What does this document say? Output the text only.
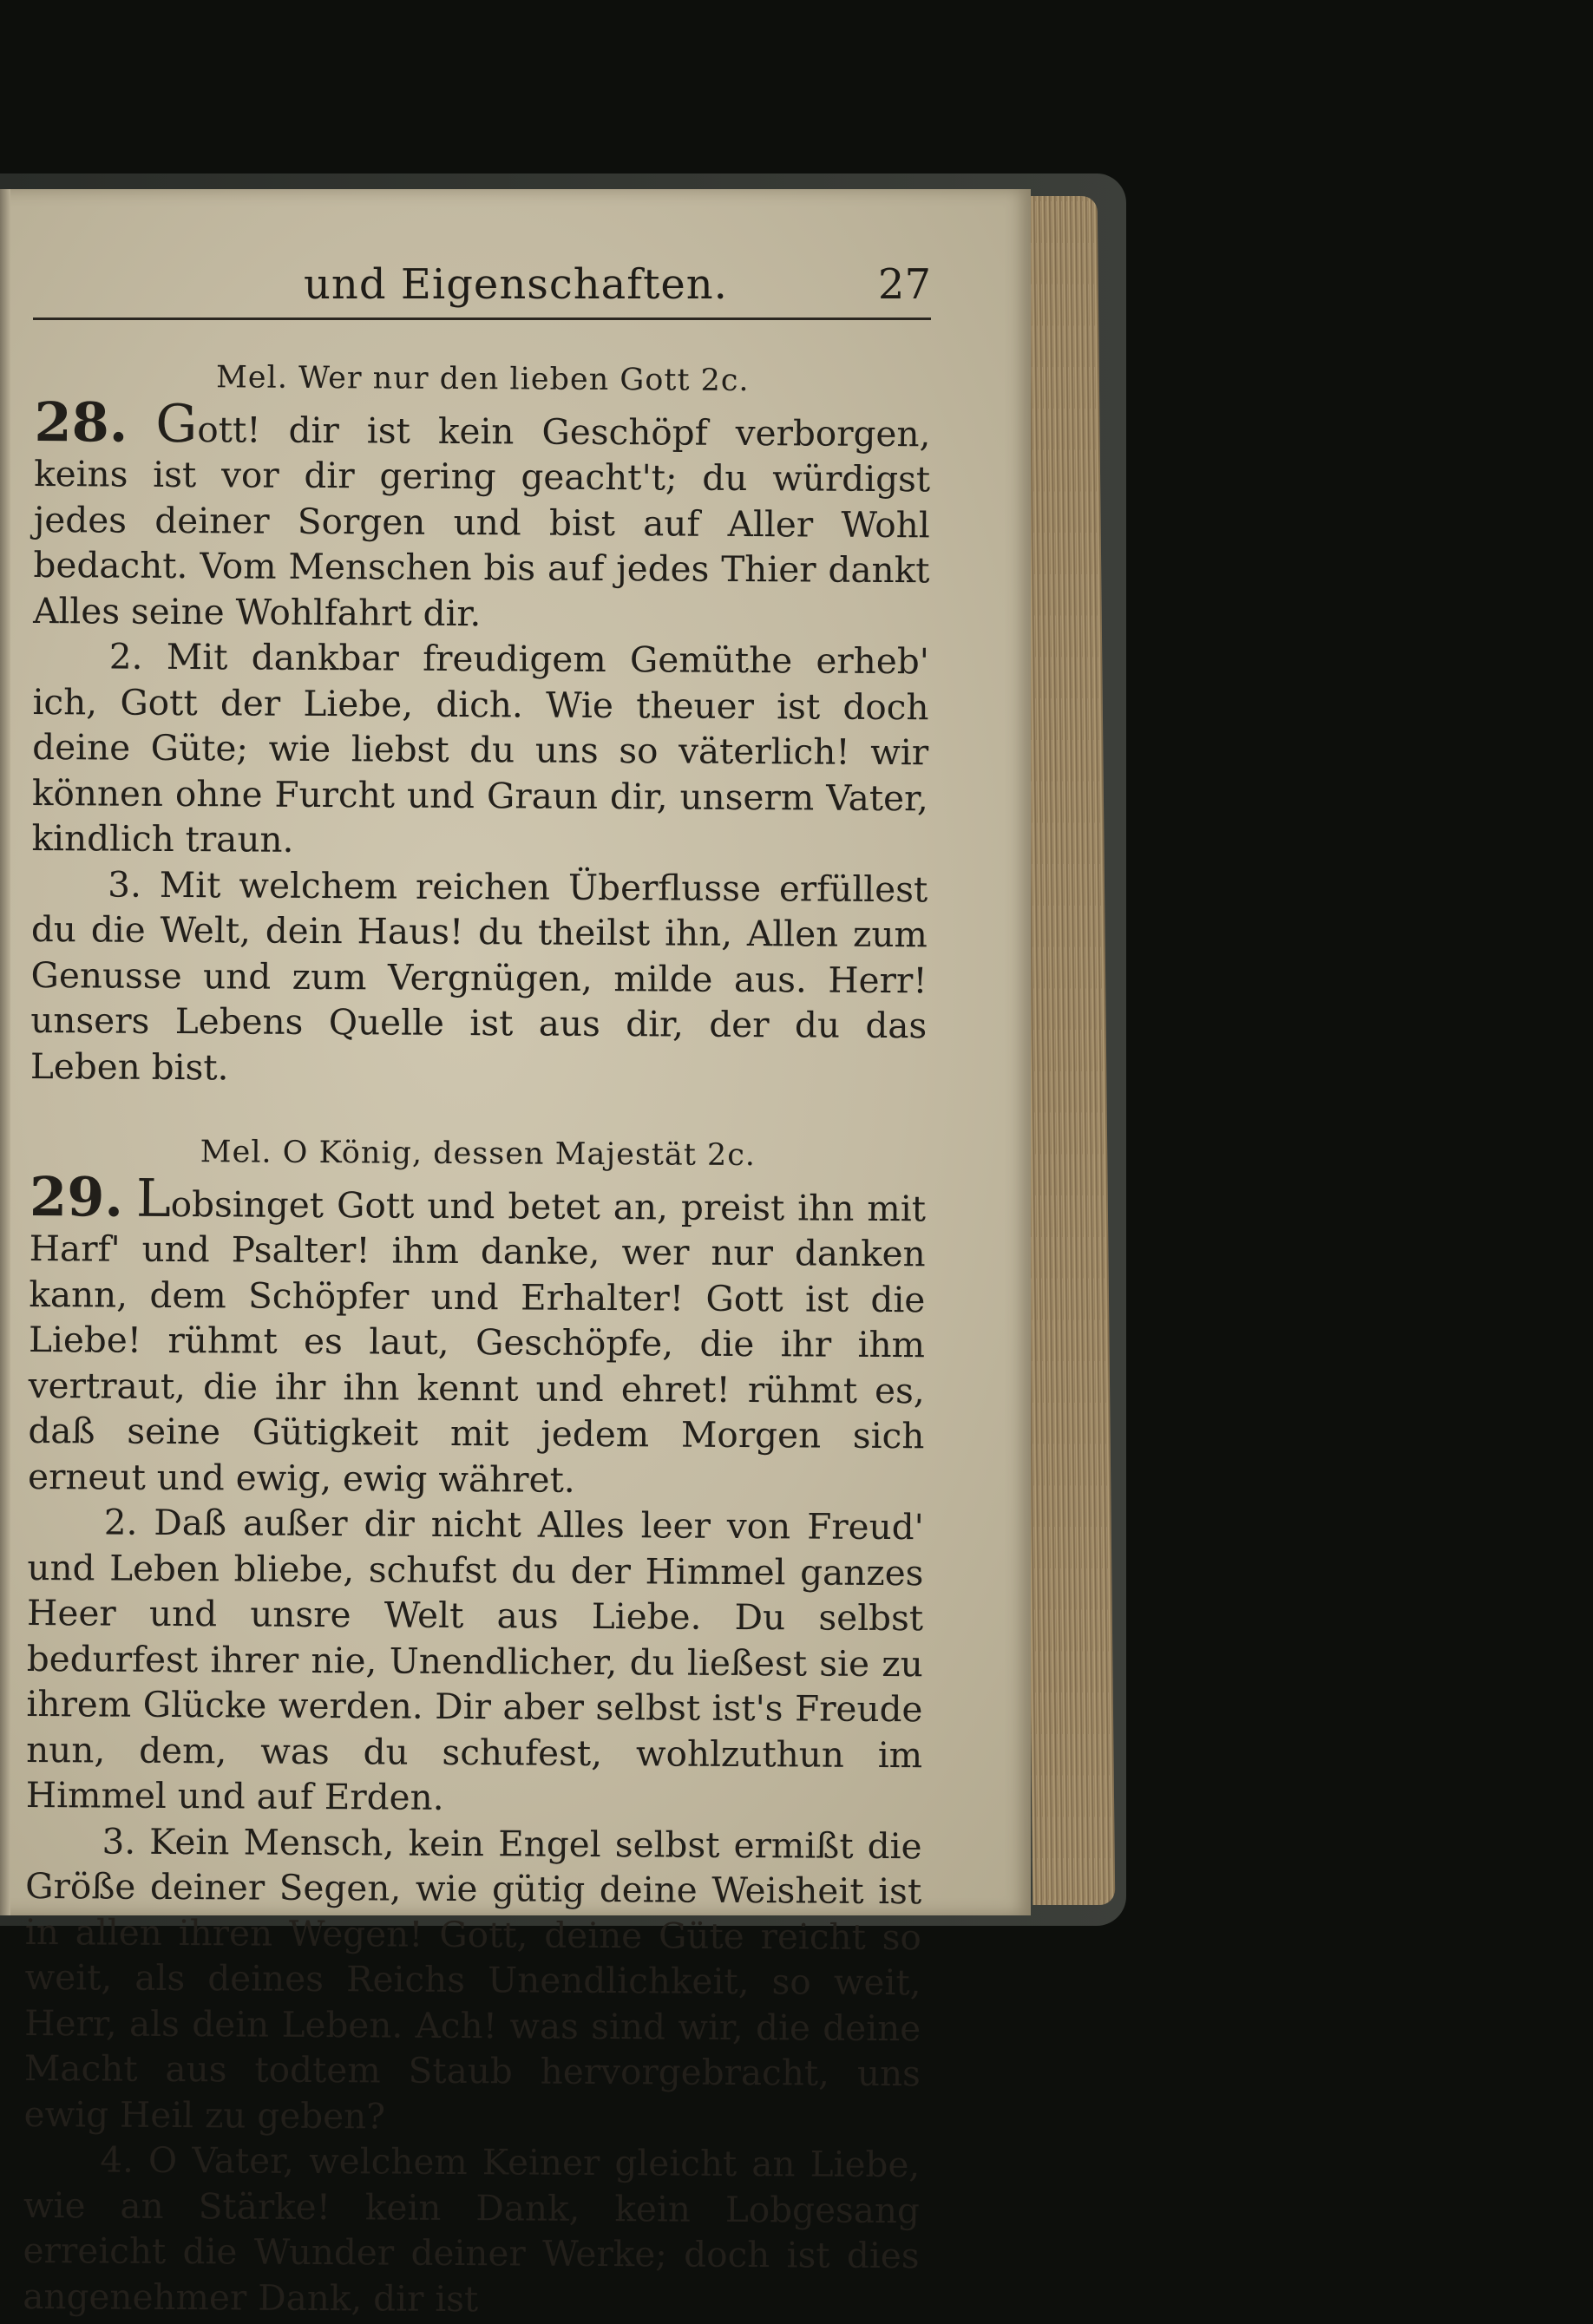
und Eigenschaften.	27

Mel. Wer nur den lieben Gott 2c.

28. Gott! dir ist kein Geschöpf verborgen, keins ist vor dir gering geacht't; du würdigst jedes deiner Sorgen und bist auf Aller Wohl bedacht. Vom Menschen bis auf jedes Thier dankt Alles seine Wohlfahrt dir.

2. Mit dankbar freudigem Gemüthe erheb' ich, Gott der Liebe, dich. Wie theuer ist doch deine Güte; wie liebst du uns so väterlich! wir können ohne Furcht und Graun dir, unserm Vater, kindlich traun.

3. Mit welchem reichen Überflusse erfüllest du die Welt, dein Haus! du theilst ihn, Allen zum Genusse und zum Vergnügen, milde aus. Herr! unsers Lebens Quelle ist aus dir, der du das Leben bist.

Mel. O König, dessen Majestät 2c.

29. Lobsinget Gott und betet an, preist ihn mit Harf' und Psalter! ihm danke, wer nur danken kann, dem Schöpfer und Erhalter! Gott ist die Liebe! rühmt es laut, Geschöpfe, die ihr ihm vertraut, die ihr ihn kennt und ehret! rühmt es, daß seine Gütigkeit mit jedem Morgen sich erneut und ewig, ewig währet.

2. Daß außer dir nicht Alles leer von Freud' und Leben bliebe, schufst du der Himmel ganzes Heer und unsre Welt aus Liebe. Du selbst bedurfest ihrer nie, Unendlicher, du ließest sie zu ihrem Glücke werden. Dir aber selbst ist's Freude nun, dem, was du schufest, wohlzuthun im Himmel und auf Erden.

3. Kein Mensch, kein Engel selbst ermißt die Größe deiner Segen, wie gütig deine Weisheit ist in allen ihren Wegen! Gott, deine Güte reicht so weit, als deines Reichs Unendlichkeit, so weit, Herr, als dein Leben. Ach! was sind wir, die deine Macht aus todtem Staub hervorgebracht, uns ewig Heil zu geben?

4. O Vater, welchem Keiner gleicht an Liebe, wie an Stärke! kein Dank, kein Lobgesang erreicht die Wunder deiner Werke; doch ist dies angenehmer Dank, dir ist
